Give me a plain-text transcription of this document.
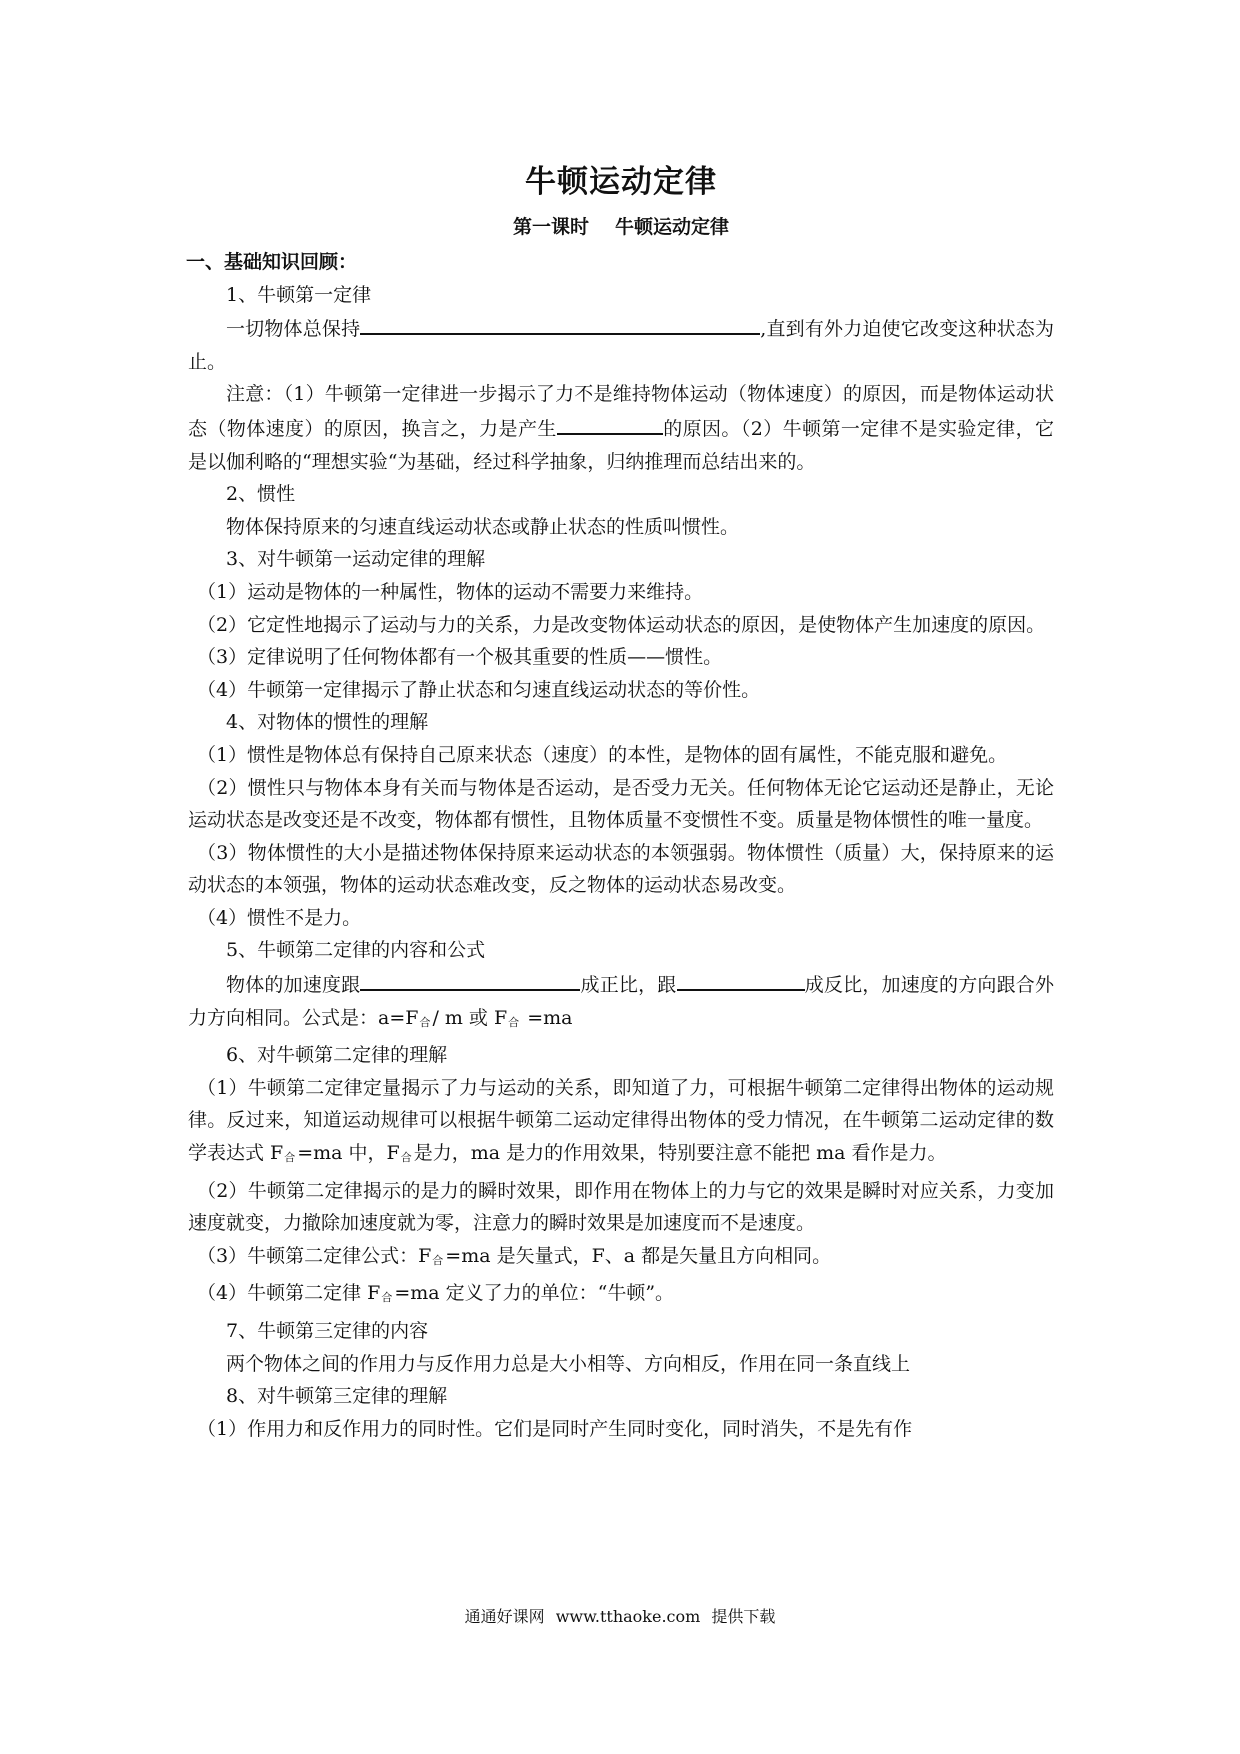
牛顿运动定律
第一课时 牛顿运动定律

一、基础知识回顾：

1、牛顿第一定律

一切物体总保持	,直到有外力迫使它改变这种状态为止。

注意：（1）牛顿第一定律进一步揭示了力不是维持物体运动（物体速度）的原因，而是物体运动状态（物体速度）的原因，换言之，力是产生	的原因。（2）牛顿第一定律不是实验定律，它是以伽利略的“理想实验“为基础，经过科学抽象，归纳推理而总结出来的。

2、惯性

物体保持原来的匀速直线运动状态或静止状态的性质叫惯性。

3、对牛顿第一运动定律的理解

（1）运动是物体的一种属性，物体的运动不需要力来维持。

（2）它定性地揭示了运动与力的关系，力是改变物体运动状态的原因，是使物体产生加速度的原因。

（3）定律说明了任何物体都有一个极其重要的性质——惯性。

（4）牛顿第一定律揭示了静止状态和匀速直线运动状态的等价性。

4、对物体的惯性的理解

（1）惯性是物体总有保持自己原来状态（速度）的本性，是物体的固有属性，不能克服和避免。

（2）惯性只与物体本身有关而与物体是否运动，是否受力无关。任何物体无论它运动还是静止，无论运动状态是改变还是不改变，物体都有惯性，且物体质量不变惯性不变。质量是物体惯性的唯一量度。

（3）物体惯性的大小是描述物体保持原来运动状态的本领强弱。物体惯性（质量）大，保持原来的运动状态的本领强，物体的运动状态难改变，反之物体的运动状态易改变。

（4）惯性不是力。

5、牛顿第二定律的内容和公式

物体的加速度跟	成正比，跟	成反比，加速度的方向跟合外力方向相同。公式是：a=F合 / m 或 F合 =ma

6、对牛顿第二定律的理解

（1）牛顿第二定律定量揭示了力与运动的关系，即知道了力，可根据牛顿第二定律得出物体的运动规律。反过来，知道运动规律可以根据牛顿第二运动定律得出物体的受力情况，在牛顿第二运动定律的数学表达式 F合 =ma 中，F合 是力，ma 是力的作用效果，特别要注意不能把 ma 看作是力。

（2）牛顿第二定律揭示的是力的瞬时效果，即作用在物体上的力与它的效果是瞬时对应关系，力变加速度就变，力撤除加速度就为零，注意力的瞬时效果是加速度而不是速度。

（3）牛顿第二定律公式：F合 =ma 是矢量式，F、a 都是矢量且方向相同。

（4）牛顿第二定律 F合 =ma 定义了力的单位：“牛顿”。

7、牛顿第三定律的内容

两个物体之间的作用力与反作用力总是大小相等、方向相反，作用在同一条直线上

8、对牛顿第三定律的理解

（1）作用力和反作用力的同时性。它们是同时产生同时变化，同时消失，不是先有作

通通好课网 www.tthaoke.com 提供下载
